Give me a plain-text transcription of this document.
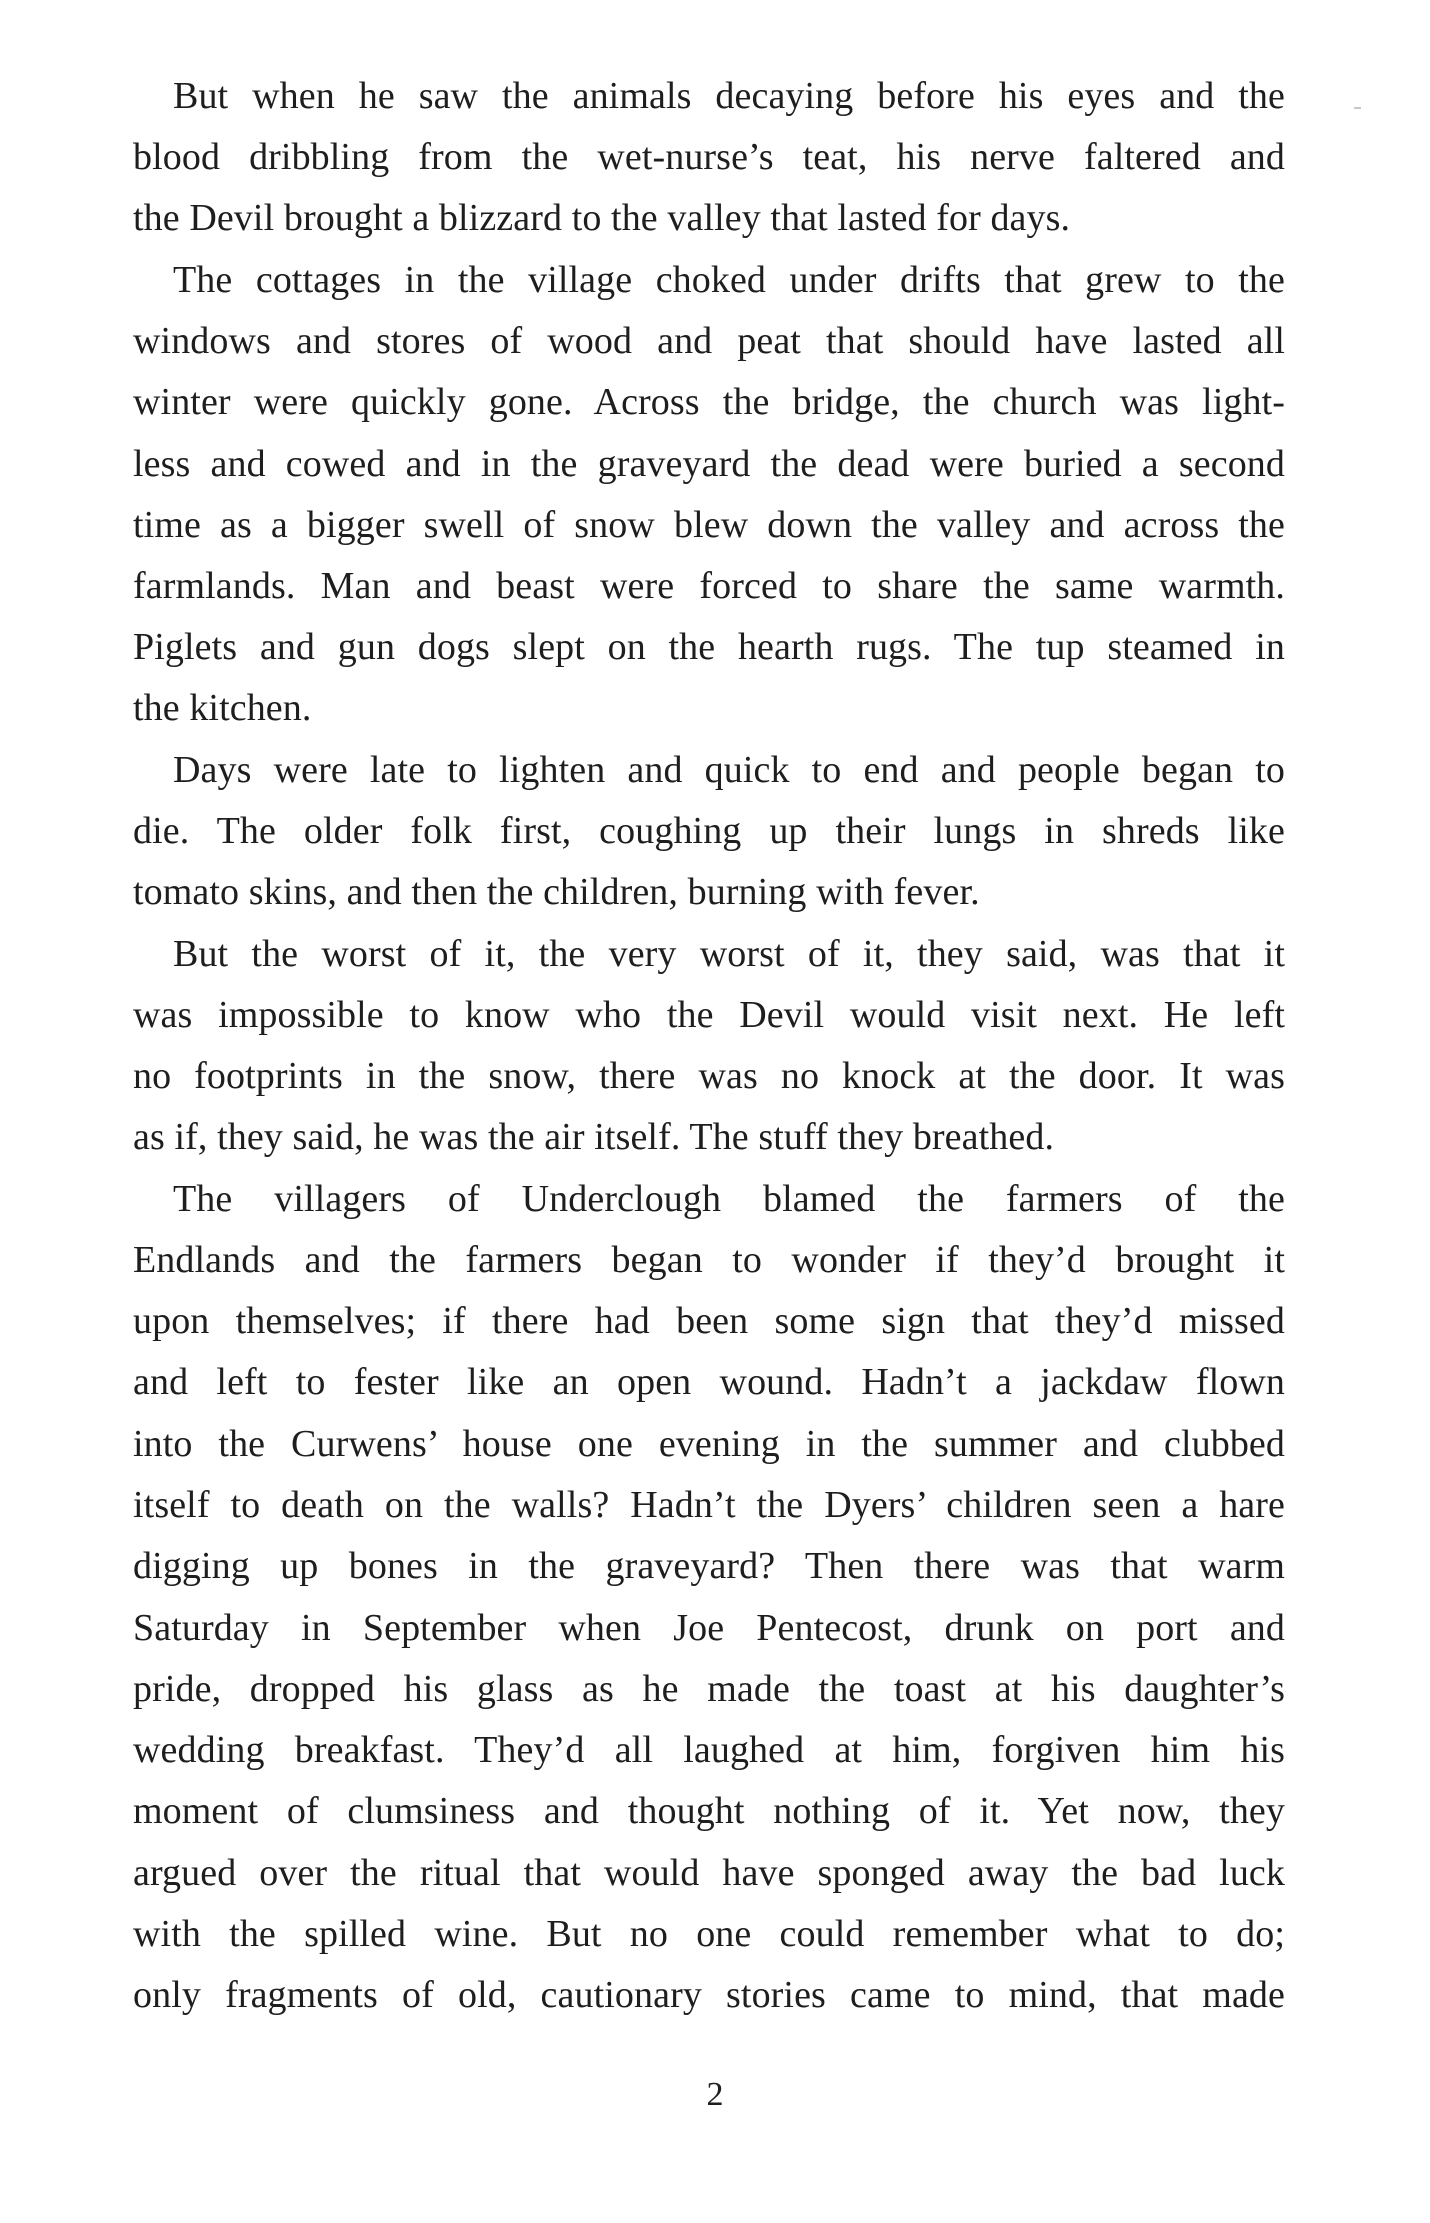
But when he saw the animals decaying before his eyes and the
blood dribbling from the wet-nurse’s teat, his nerve faltered and
the Devil brought a blizzard to the valley that lasted for days.
The cottages in the village choked under drifts that grew to the
windows and stores of wood and peat that should have lasted all
winter were quickly gone. Across the bridge, the church was light-
less and cowed and in the graveyard the dead were buried a second
time as a bigger swell of snow blew down the valley and across the
farmlands. Man and beast were forced to share the same warmth.
Piglets and gun dogs slept on the hearth rugs. The tup steamed in
the kitchen.
Days were late to lighten and quick to end and people began to
die. The older folk first, coughing up their lungs in shreds like
tomato skins, and then the children, burning with fever.
But the worst of it, the very worst of it, they said, was that it
was impossible to know who the Devil would visit next. He left
no footprints in the snow, there was no knock at the door. It was
as if, they said, he was the air itself. The stuff they breathed.
The villagers of Underclough blamed the farmers of the
Endlands and the farmers began to wonder if they’d brought it
upon themselves; if there had been some sign that they’d missed
and left to fester like an open wound. Hadn’t a jackdaw flown
into the Curwens’ house one evening in the summer and clubbed
itself to death on the walls? Hadn’t the Dyers’ children seen a hare
digging up bones in the graveyard? Then there was that warm
Saturday in September when Joe Pentecost, drunk on port and
pride, dropped his glass as he made the toast at his daughter’s
wedding breakfast. They’d all laughed at him, forgiven him his
moment of clumsiness and thought nothing of it. Yet now, they
argued over the ritual that would have sponged away the bad luck
with the spilled wine. But no one could remember what to do;
only fragments of old, cautionary stories came to mind, that made
2
